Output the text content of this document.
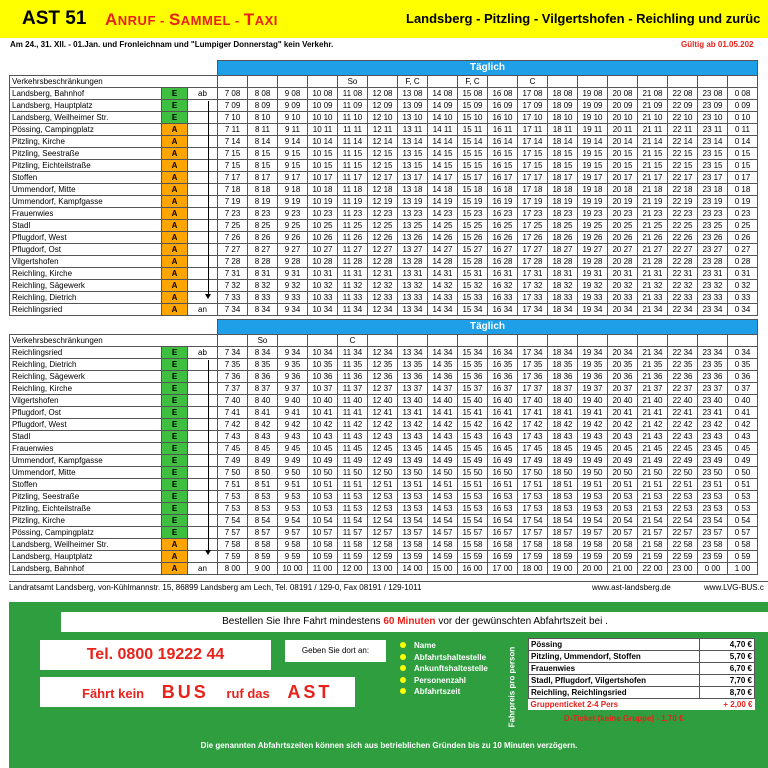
AST 51 ANRUF - SAMMEL - TAXI	Landsberg - Pitzling - Vilgertshofen - Reichling und zurüc
Am 24., 31. XII. - 01.Jan. und Fronleichnam und "Lumpiger Donnerstag" kein Verkehr.	Gültig ab 01.05.202
			Täglich																	
Verkehrsbeschränkungen							So		F, C		F, C		C							
Landsberg, Bahnhof	E	ab	7 08	8 08	9 08	10 08	11 08	12 08	13 08	14 08	15 08	16 08	17 08	18 08	19 08	20 08	21 08	22 08	23 08	0 08
Landsberg, Hauptplatz	E		7 09	8 09	9 09	10 09	11 09	12 09	13 09	14 09	15 09	16 09	17 09	18 09	19 09	20 09	21 09	22 09	23 09	0 09
Landsberg, Weilheimer Str.	E		7 10	8 10	9 10	10 10	11 10	12 10	13 10	14 10	15 10	16 10	17 10	18 10	19 10	20 10	21 10	22 10	23 10	0 10
Pössing, Campingplatz	A		7 11	8 11	9 11	10 11	11 11	12 11	13 11	14 11	15 11	16 11	17 11	18 11	19 11	20 11	21 11	22 11	23 11	0 11
Pitzling, Kirche	A		7 14	8 14	9 14	10 14	11 14	12 14	13 14	14 14	15 14	16 14	17 14	18 14	19 14	20 14	21 14	22 14	23 14	0 14
Pitzling, Seestraße	A		7 15	8 15	9 15	10 15	11 15	12 15	13 15	14 15	15 15	16 15	17 15	18 15	19 15	20 15	21 15	22 15	23 15	0 15
Pitzling, Eichteilstraße	A		7 15	8 15	9 15	10 15	11 15	12 15	13 15	14 15	15 15	16 15	17 15	18 15	19 15	20 15	21 15	22 15	23 15	0 15
Stoffen	A		7 17	8 17	9 17	10 17	11 17	12 17	13 17	14 17	15 17	16 17	17 17	18 17	19 17	20 17	21 17	22 17	23 17	0 17
Ummendorf, Mitte	A		7 18	8 18	9 18	10 18	11 18	12 18	13 18	14 18	15 18	16 18	17 18	18 18	19 18	20 18	21 18	22 18	23 18	0 18
Ummendorf, Kampfgasse	A		7 19	8 19	9 19	10 19	11 19	12 19	13 19	14 19	15 19	16 19	17 19	18 19	19 19	20 19	21 19	22 19	23 19	0 19
Frauenwies	A		7 23	8 23	9 23	10 23	11 23	12 23	13 23	14 23	15 23	16 23	17 23	18 23	19 23	20 23	21 23	22 23	23 23	0 23
Stadl	A		7 25	8 25	9 25	10 25	11 25	12 25	13 25	14 25	15 25	16 25	17 25	18 25	19 25	20 25	21 25	22 25	23 25	0 25
Pflugdorf, West	A		7 26	8 26	9 26	10 26	11 26	12 26	13 26	14 26	15 26	16 26	17 26	18 26	19 26	20 26	21 26	22 26	23 26	0 26
Pflugdorf, Ost	A		7 27	8 27	9 27	10 27	11 27	12 27	13 27	14 27	15 27	16 27	17 27	18 27	19 27	20 27	21 27	22 27	23 27	0 27
Vilgertshofen	A		7 28	8 28	9 28	10 28	11 28	12 28	13 28	14 28	15 28	16 28	17 28	18 28	19 28	20 28	21 28	22 28	23 28	0 28
Reichling, Kirche	A		7 31	8 31	9 31	10 31	11 31	12 31	13 31	14 31	15 31	16 31	17 31	18 31	19 31	20 31	21 31	22 31	23 31	0 31
Reichling, Sägewerk	A		7 32	8 32	9 32	10 32	11 32	12 32	13 32	14 32	15 32	16 32	17 32	18 32	19 32	20 32	21 32	22 32	23 32	0 32
Reichling, Dietrich	A		7 33	8 33	9 33	10 33	11 33	12 33	13 33	14 33	15 33	16 33	17 33	18 33	19 33	20 33	21 33	22 33	23 33	0 33
Reichlingsried	A	an	7 34	8 34	9 34	10 34	11 34	12 34	13 34	14 34	15 34	16 34	17 34	18 34	19 34	20 34	21 34	22 34	23 34	0 34
			Täglich																	
Verkehrsbeschränkungen				So			C													
Reichlingsried	E	ab	7 34	8 34	9 34	10 34	11 34	12 34	13 34	14 34	15 34	16 34	17 34	18 34	19 34	20 34	21 34	22 34	23 34	0 34
Reichling, Dietrich	E		7 35	8 35	9 35	10 35	11 35	12 35	13 35	14 35	15 35	16 35	17 35	18 35	19 35	20 35	21 35	22 35	23 35	0 35
Reichling, Sägewerk	E		7 36	8 36	9 36	10 36	11 36	12 36	13 36	14 36	15 36	16 36	17 36	18 36	19 36	20 36	21 36	22 36	23 36	0 36
Reichling, Kirche	E		7 37	8 37	9 37	10 37	11 37	12 37	13 37	14 37	15 37	16 37	17 37	18 37	19 37	20 37	21 37	22 37	23 37	0 37
Vilgertshofen	E		7 40	8 40	9 40	10 40	11 40	12 40	13 40	14 40	15 40	16 40	17 40	18 40	19 40	20 40	21 40	22 40	23 40	0 40
Pflugdorf, Ost	E		7 41	8 41	9 41	10 41	11 41	12 41	13 41	14 41	15 41	16 41	17 41	18 41	19 41	20 41	21 41	22 41	23 41	0 41
Pflugdorf, West	E		7 42	8 42	9 42	10 42	11 42	12 42	13 42	14 42	15 42	16 42	17 42	18 42	19 42	20 42	21 42	22 42	23 42	0 42
Stadl	E		7 43	8 43	9 43	10 43	11 43	12 43	13 43	14 43	15 43	16 43	17 43	18 43	19 43	20 43	21 43	22 43	23 43	0 43
Frauenwies	E		7 45	8 45	9 45	10 45	11 45	12 45	13 45	14 45	15 45	16 45	17 45	18 45	19 45	20 45	21 45	22 45	23 45	0 45
Ummendorf, Kampfgasse	E		7 49	8 49	9 49	10 49	11 49	12 49	13 49	14 49	15 49	16 49	17 49	18 49	19 49	20 49	21 49	22 49	23 49	0 49
Ummendorf, Mitte	E		7 50	8 50	9 50	10 50	11 50	12 50	13 50	14 50	15 50	16 50	17 50	18 50	19 50	20 50	21 50	22 50	23 50	0 50
Stoffen	E		7 51	8 51	9 51	10 51	11 51	12 51	13 51	14 51	15 51	16 51	17 51	18 51	19 51	20 51	21 51	22 51	23 51	0 51
Pitzling, Seestraße	E		7 53	8 53	9 53	10 53	11 53	12 53	13 53	14 53	15 53	16 53	17 53	18 53	19 53	20 53	21 53	22 53	23 53	0 53
Pitzling, Eichteilstraße	E		7 53	8 53	9 53	10 53	11 53	12 53	13 53	14 53	15 53	16 53	17 53	18 53	19 53	20 53	21 53	22 53	23 53	0 53
Pitzling, Kirche	E		7 54	8 54	9 54	10 54	11 54	12 54	13 54	14 54	15 54	16 54	17 54	18 54	19 54	20 54	21 54	22 54	23 54	0 54
Pössing, Campingplatz	E		7 57	8 57	9 57	10 57	11 57	12 57	13 57	14 57	15 57	16 57	17 57	18 57	19 57	20 57	21 57	22 57	23 57	0 57
Landsberg, Weilheimer Str.	A		7 58	8 58	9 58	10 58	11 58	12 58	13 58	14 58	15 58	16 58	17 58	18 58	19 58	20 58	21 58	22 58	23 58	0 58
Landsberg, Hauptplatz	A		7 59	8 59	9 59	10 59	11 59	12 59	13 59	14 59	15 59	16 59	17 59	18 59	19 59	20 59	21 59	22 59	23 59	0 59
Landsberg, Bahnhof	A	an	8 00	9 00	10 00	11 00	12 00	13 00	14 00	15 00	16 00	17 00	18 00	19 00	20 00	21 00	22 00	23 00	0 00	1 00
Landratsamt Landsberg, von-Kühlmannstr. 15, 86899 Landsberg am Lech, Tel. 08191 / 129-0, Fax 08191 / 129-1011	www.ast-landsberg.de	www.LVG-BUS.c
Bestellen Sie Ihre Fahrt mindestens 60 Minuten vor der gewünschten Abfahrtszeit bei .
Tel. 0800 19222 44
Fährt kein BUS ruf das AST
Geben Sie dort an:
Name
Abfahrtshaltestelle
Ankunftshaltestelle
Personenzahl
Abfahrtszeit	Fahrpreis pro person
Pössing	4,70 €
Pitzling, Ummendorf, Stoffen	5,70 €
Frauenwies	6,70 €
Stadl, Pflugdorf, Vilgertshofen	7,70 €
Reichling, Reichlingsried	8,70 €
Gruppenticket 2-4 Pers	+ 2,00 €
D-Ticket (keine Gruppe) - 1,70 €
Die genannten Abfahrtszeiten können sich aus betrieblichen Gründen bis zu 10 Minuten verzögern.
